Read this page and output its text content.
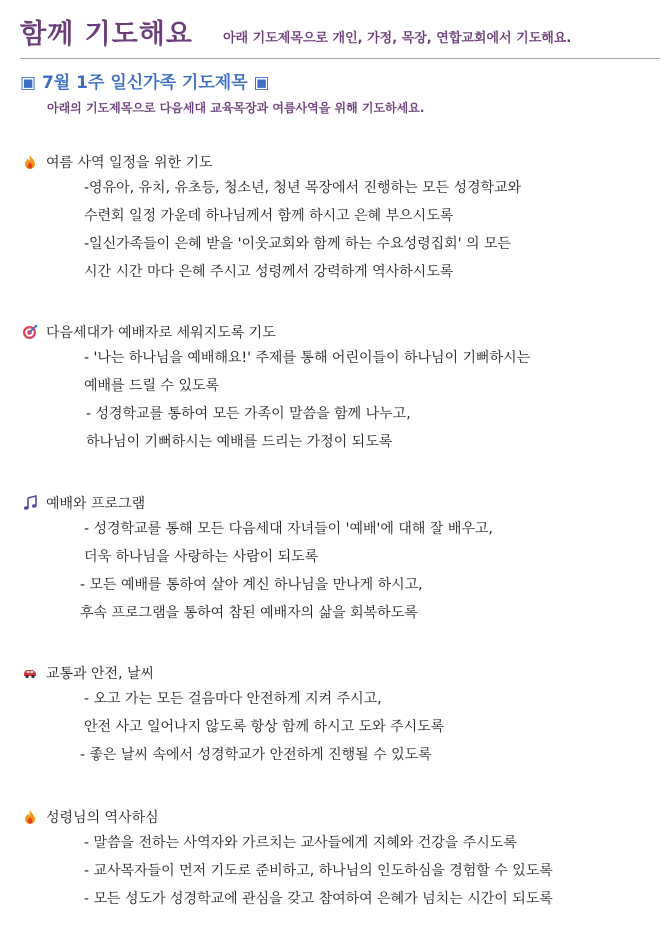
함께 기도해요 아래 기도제목으로 개인, 가정, 목장, 연합교회에서 기도해요.
▣ 7월 1주 일신가족 기도제목 ▣
아래의 기도제목으로 다음세대 교육목장과 여름사역을 위해 기도하세요.
여름 사역 일정을 위한 기도
-영유아, 유치, 유초등, 청소년, 청년 목장에서 진행하는 모든 성경학교와
수련회 일정 가운데 하나님께서 함께 하시고 은혜 부으시도록
-일신가족들이 은혜 받을 '이웃교회와 함께 하는 수요성령집회' 의 모든
시간 시간 마다 은혜 주시고 성령께서 강력하게 역사하시도록
다음세대가 예배자로 세워지도록 기도
- '나는 하나님을 예배해요!' 주제를 통해 어린이들이 하나님이 기뻐하시는
예배를 드릴 수 있도록
- 성경학교를 통하여 모든 가족이 말씀을 함께 나누고,
하나님이 기뻐하시는 예배를 드리는 가정이 되도록
예배와 프로그램
- 성경학교를 통해 모든 다음세대 자녀들이 '예배'에 대해 잘 배우고,
더욱 하나님을 사랑하는 사람이 되도록
- 모든 예배를 통하여 살아 계신 하나님을 만나게 하시고,
후속 프로그램을 통하여 참된 예배자의 삶을 회복하도록
교통과 안전, 날씨
- 오고 가는 모든 걸음마다 안전하게 지켜 주시고,
안전 사고 일어나지 않도록 항상 함께 하시고 도와 주시도록
- 좋은 날씨 속에서 성경학교가 안전하게 진행될 수 있도록
성령님의 역사하심
- 말씀을 전하는 사역자와 가르치는 교사들에게 지혜와 건강을 주시도록
- 교사목자들이 먼저 기도로 준비하고, 하나님의 인도하심을 경험할 수 있도록
- 모든 성도가 성경학교에 관심을 갖고 참여하여 은혜가 넘치는 시간이 되도록
